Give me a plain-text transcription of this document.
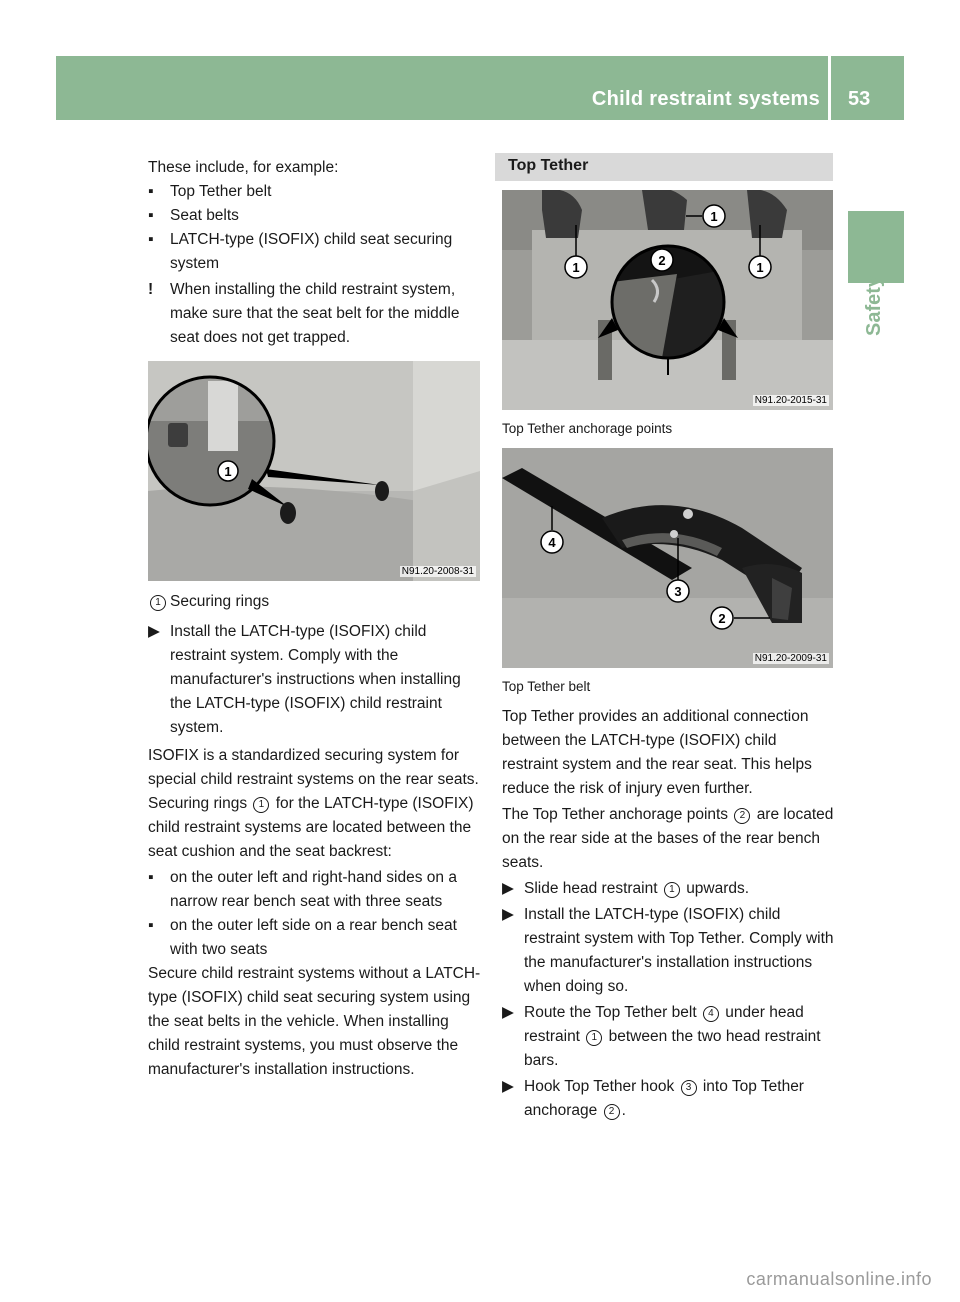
Child restraint systems 53
Safety

These include, for example:

▪	Top Tether belt

▪	Seat belts

▪	LATCH-type (ISOFIX) child seat securing system

!	When installing the child restraint system, make sure that the seat belt for the middle seat does not get trapped.

1
N91.20-2008-31

1 Securing rings

▶ Install the LATCH-type (ISOFIX) child restraint system. Comply with the manufacturer's instructions when installing the LATCH-type (ISOFIX) child restraint system.

ISOFIX is a standardized securing system for special child restraint systems on the rear seats. Securing rings 1 for the LATCH-type (ISOFIX) child restraint systems are located between the seat cushion and the seat backrest:

▪	on the outer left and right-hand sides on a narrow rear bench seat with three seats

▪	on the outer left side on a rear bench seat with two seats

Secure child restraint systems without a LATCH-type (ISOFIX) child seat securing system using the seat belts in the vehicle. When installing child restraint systems, you must observe the manufacturer's installation instructions.

Top Tether
1
1	1
2
N91.20-2015-31
Top Tether anchorage points
4
3
2
N91.20-2009-31
Top Tether belt

Top Tether provides an additional connection between the LATCH-type (ISOFIX) child restraint system and the rear seat. This helps reduce the risk of injury even further.

The Top Tether anchorage points 2 are located on the rear side at the bases of the rear bench seats.

▶ Slide head restraint 1 upwards.

▶ Install the LATCH-type (ISOFIX) child restraint system with Top Tether. Comply with the manufacturer's installation instructions when doing so.

▶ Route the Top Tether belt 4 under head restraint 1 between the two head restraint bars.

▶ Hook Top Tether hook 3 into Top Tether anchorage 2 .

carmanualsonline.info
